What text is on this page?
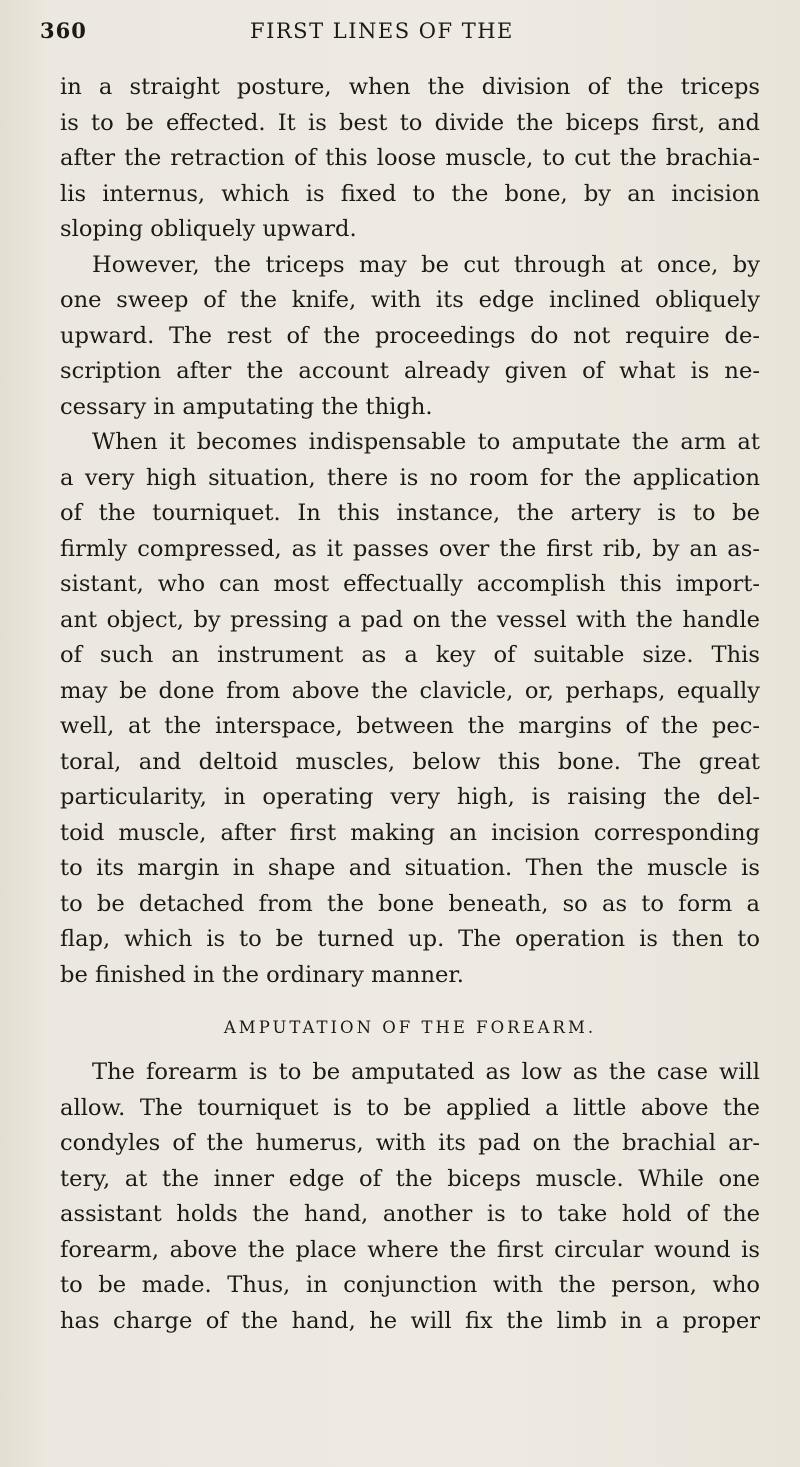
360	FIRST LINES OF THE
in a straight posture, when the division of the triceps
is to be effected. It is best to divide the biceps first, and
after the retraction of this loose muscle, to cut the brachia-
lis internus, which is fixed to the bone, by an incision
sloping obliquely upward.
However, the triceps may be cut through at once, by
one sweep of the knife, with its edge inclined obliquely
upward. The rest of the proceedings do not require de-
scription after the account already given of what is ne-
cessary in amputating the thigh.
When it becomes indispensable to amputate the arm at
a very high situation, there is no room for the application
of the tourniquet. In this instance, the artery is to be
firmly compressed, as it passes over the first rib, by an as-
sistant, who can most effectually accomplish this import-
ant object, by pressing a pad on the vessel with the handle
of such an instrument as a key of suitable size. This
may be done from above the clavicle, or, perhaps, equally
well, at the interspace, between the margins of the pec-
toral, and deltoid muscles, below this bone. The great
particularity, in operating very high, is raising the del-
toid muscle, after first making an incision corresponding
to its margin in shape and situation. Then the muscle is
to be detached from the bone beneath, so as to form a
flap, which is to be turned up. The operation is then to
be finished in the ordinary manner.
AMPUTATION OF THE FOREARM.
The forearm is to be amputated as low as the case will
allow. The tourniquet is to be applied a little above the
condyles of the humerus, with its pad on the brachial ar-
tery, at the inner edge of the biceps muscle. While one
assistant holds the hand, another is to take hold of the
forearm, above the place where the first circular wound is
to be made. Thus, in conjunction with the person, who
has charge of the hand, he will fix the limb in a proper
